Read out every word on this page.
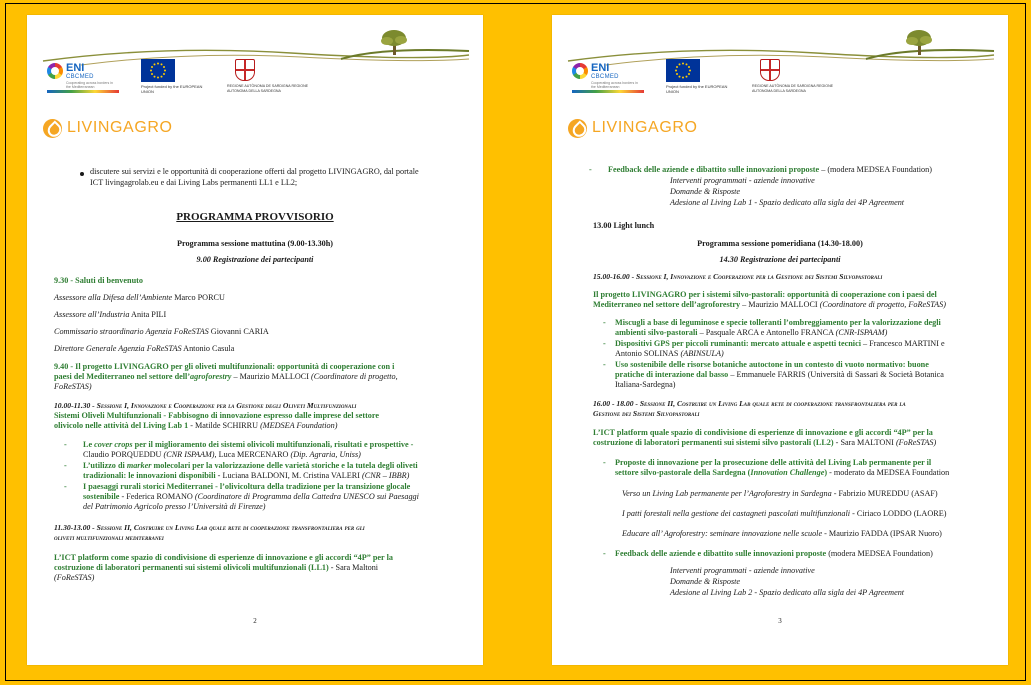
ENI
CBCMED
Cooperating across borders in the Mediterranean	Project funded by the EUROPEAN UNION
REGIONE AUTÒNOMA DE SARDIGNA REGIONE AUTONOMA DELLA SARDEGNA
LIVINGAGRO
discutere sui servizi e le opportunità di cooperazione offerti dal progetto LIVINGAGRO, dal portale
ICT livingagrolab.eu e dai Living Labs permanenti LL1 e LL2;
PROGRAMMA PROVVISORIO
Programma sessione mattutina (9.00-13.30h)
9.00 Registrazione dei partecipanti
9.30 - Saluti di benvenuto
Assessore alla Difesa dell’Ambiente Marco PORCU
Assessore all’Industria Anita PILI
Commissario straordinario Agenzia FoReSTAS Giovanni CARIA
Direttore Generale Agenzia FoReSTAS Antonio Casula
9.40 - Il progetto LIVINGAGRO per gli oliveti multifunzionali: opportunità di cooperazione con i
paesi del Mediterraneo nel settore dell’agroforestry – Maurizio MALLOCI (Coordinatore di progetto,
FoReSTAS)
10.00-11.30 - Sessione I, Innovazione e Cooperazione per la Gestione degli Oliveti Multifunzionali
Sistemi Oliveli Multifunzionali - Fabbisogno di innovazione espresso dalle imprese del settore
olivicolo nelle attività del Living Lab 1 - Matilde SCHIRRU (MEDSEA Foundation)
- Le cover crops per il miglioramento dei sistemi olivicoli multifunzionali, risultati e prospettive -
Claudio PORQUEDDU (CNR ISPAAM), Luca MERCENARO (Dip. Agraria, Uniss)
- L’utilizzo di marker molecolari per la valorizzazione delle varietà storiche e la tutela degli oliveti
tradizionali: le innovazioni disponibili - Luciana BALDONI, M. Cristina VALERI (CNR – IBBR)
- I paesaggi rurali storici Mediterranei - l’olivicoltura della tradizione per la transizione glocale
sostenibile - Federica ROMANO (Coordinatore di Programma della Cattedra UNESCO sui Paesaggi
del Patrimonio Agricolo presso l’Università di Firenze)
11.30-13.00 - Sessione II, Costruire un Living Lab quale rete di cooperazione transfrontaliera per gli
oliveti multifunzionali mediterranei
L’ICT platform come spazio di condivisione di esperienze di innovazione e gli accordi “4P” per la
costruzione di laboratori permanenti sui sistemi olivicoli multifunzionali (LL1) - Sara Maltoni
(FoReSTAS)
2
ENI
CBCMED
Cooperating across borders in the Mediterranean	Project funded by the EUROPEAN UNION
REGIONE AUTÒNOMA DE SARDIGNA REGIONE AUTONOMA DELLA SARDEGNA
LIVINGAGRO
- Feedback delle aziende e dibattito sulle innovazioni proposte – (modera MEDSEA Foundation)
Interventi programmati - aziende innovative
Domande & Risposte
Adesione al Living Lab 1 - Spazio dedicato alla sigla dei 4P Agreement
13.00 Light lunch
Programma sessione pomeridiana (14.30-18.00)
14.30 Registrazione dei partecipanti
15.00-16.00 - Sessione I, Innovazione e Cooperazione per la Gestione dei Sistemi Silvopastorali
Il progetto LIVINGAGRO per i sistemi silvo-pastorali: opportunità di cooperazione con i paesi del
Mediterraneo nel settore dell’agroforestry – Maurizio MALLOCI (Coordinatore di progetto, FoReSTAS)
- Miscugli a base di leguminose e specie tolleranti l’ombreggiamento per la valorizzazione degli
ambienti silvo-pastorali – Pasquale ARCA e Antonello FRANCA (CNR-ISPAAM)
- Dispositivi GPS per piccoli ruminanti: mercato attuale e aspetti tecnici – Francesco MARTINI e
Antonio SOLINAS (ABINSULA)
- Uso sostenibile delle risorse botaniche autoctone in un contesto di vuoto normativo: buone
pratiche di interazione dal basso – Emmanuele FARRIS (Università di Sassari & Società Botanica
Italiana-Sardegna)
16.00 - 18.00 - Sessione II, Costruire un Living Lab quale rete di cooperazione transfrontaliera per la
Gestione dei Sistemi Silvopastorali
L’ICT platform quale spazio di condivisione di esperienze di innovazione e gli accordi “4P” per la
costruzione di laboratori permanenti sui sistemi silvo pastorali (LL2) - Sara MALTONI (FoReSTAS)
- Proposte di innovazione per la prosecuzione delle attività del Living Lab permanente per il
settore silvo-pastorale della Sardegna (Innovation Challenge) - moderato da MEDSEA Foundation
Verso un Living Lab permanente per l’Agroforestry in Sardegna - Fabrizio MUREDDU (ASAF)
I patti forestali nella gestione dei castagneti pascolati multifunzionali - Ciriaco LODDO (LAORE)
Educare all’ Agroforestry: seminare innovazione nelle scuole - Maurizio FADDA (IPSAR Nuoro)
- Feedback delle aziende e dibattito sulle innovazioni proposte (modera MEDSEA Foundation)
Interventi programmati - aziende innovative
Domande & Risposte
Adesione al Living Lab 2 - Spazio dedicato alla sigla dei 4P Agreement
3
